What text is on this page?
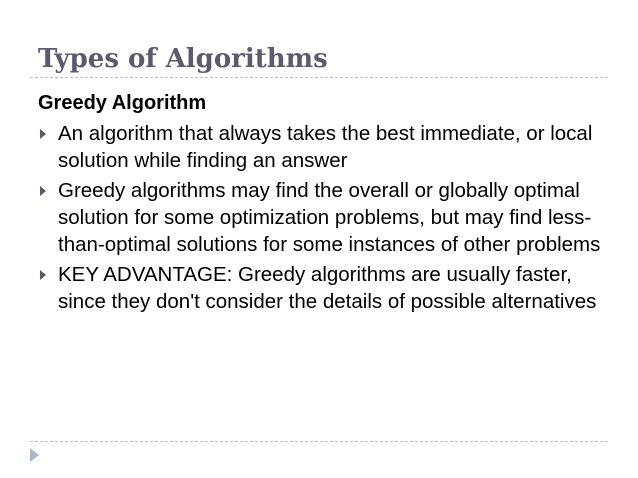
Types of Algorithms
Greedy Algorithm
An algorithm that always takes the best immediate, or local solution while finding an answer
Greedy algorithms may find the overall or globally optimal solution for some optimization problems, but may find less-than-optimal solutions for some instances of other problems
KEY ADVANTAGE: Greedy algorithms are usually faster, since they don't consider the details of possible alternatives
